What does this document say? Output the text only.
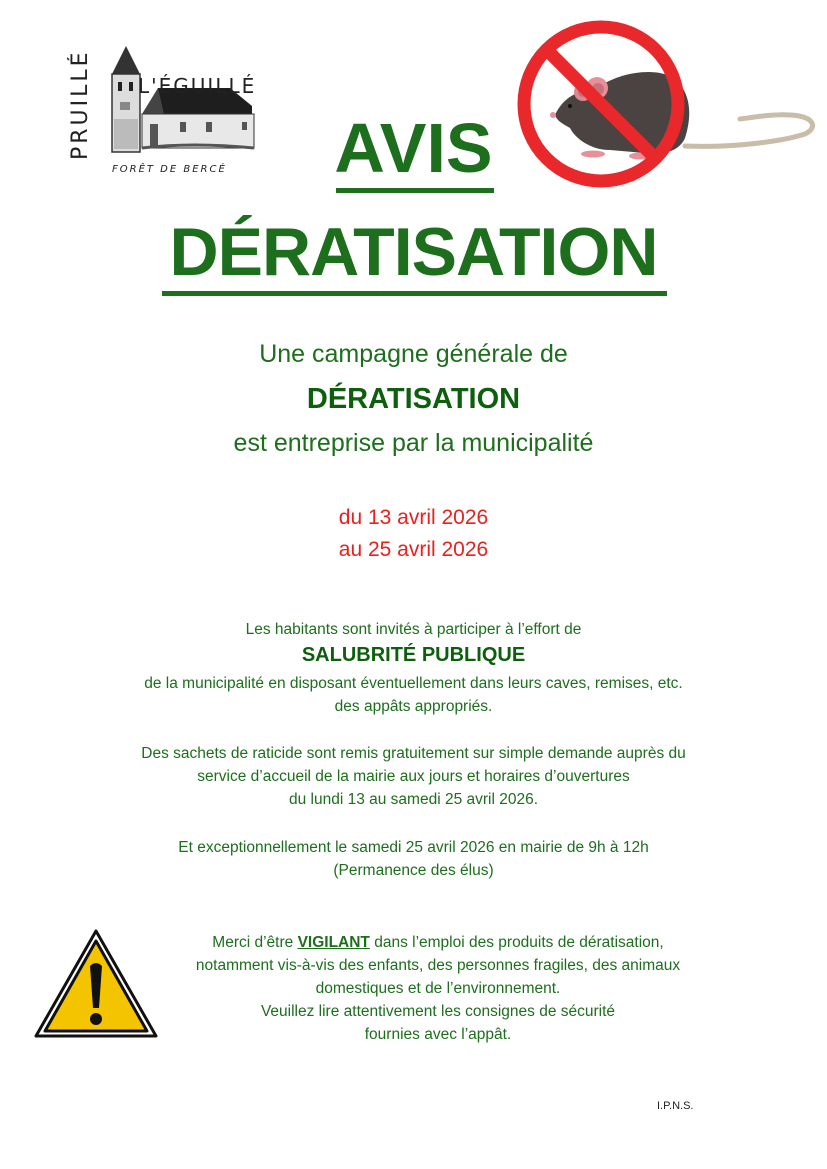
PRUILLÉ L'ÉGUILLÉ
FORÊT DE BERCÉ	AVIS
DÉRATISATION
Une campagne générale de
DÉRATISATION
est entreprise par la municipalité
du 13 avril 2026
au 25 avril 2026
Les habitants sont invités à participer à l’effort de
SALUBRITÉ PUBLIQUE
de la municipalité en disposant éventuellement dans leurs caves, remises, etc.
des appâts appropriés.
Des sachets de raticide sont remis gratuitement sur simple demande auprès du
service d’accueil de la mairie aux jours et horaires d’ouvertures
du lundi 13 au samedi 25 avril 2026.
Et exceptionnellement le samedi 25 avril 2026 en mairie de 9h à 12h
(Permanence des élus)
Merci d’être VIGILANT dans l’emploi des produits de dératisation,
notamment vis-à-vis des enfants, des personnes fragiles, des animaux
domestiques et de l’environnement.
Veuillez lire attentivement les consignes de sécurité
fournies avec l’appât.
I.P.N.S.
